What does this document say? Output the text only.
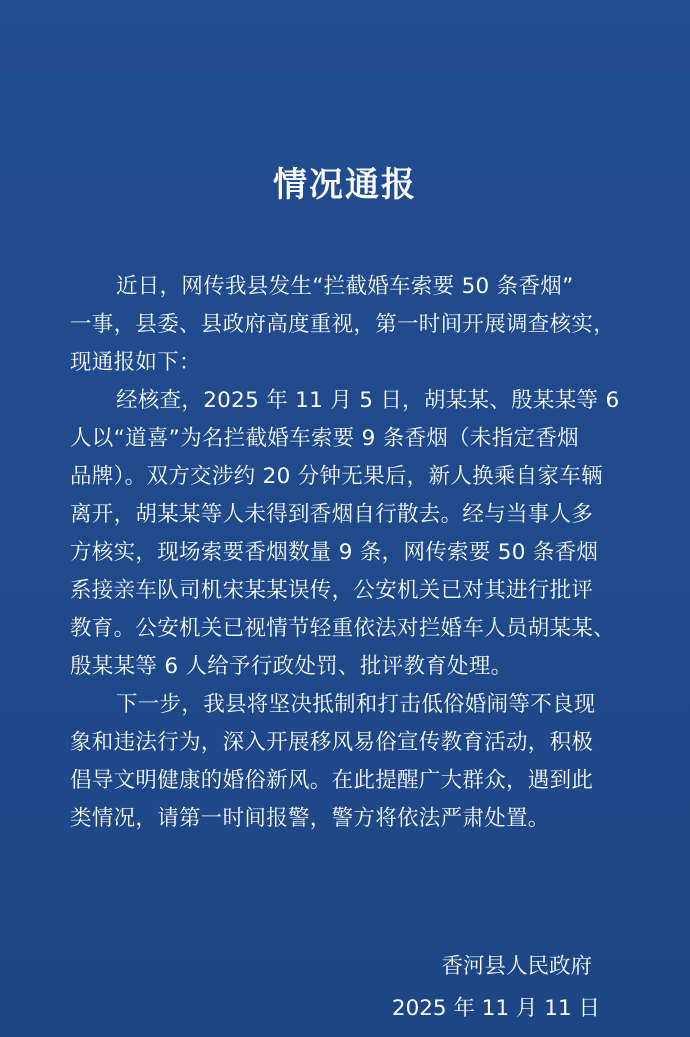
情况通报
近日，网传我县发生“拦截婚车索要 50 条香烟”
一事，县委、县政府高度重视，第一时间开展调查核实，
现通报如下：
经核查，2025 年 11 月 5 日，胡某某、殷某某等 6
人以“道喜”为名拦截婚车索要 9 条香烟（未指定香烟
品牌）。双方交涉约 20 分钟无果后，新人换乘自家车辆
离开，胡某某等人未得到香烟自行散去。经与当事人多
方核实，现场索要香烟数量 9 条，网传索要 50 条香烟
系接亲车队司机宋某某误传，公安机关已对其进行批评
教育。公安机关已视情节轻重依法对拦婚车人员胡某某、
殷某某等 6 人给予行政处罚、批评教育处理。
下一步，我县将坚决抵制和打击低俗婚闹等不良现
象和违法行为，深入开展移风易俗宣传教育活动，积极
倡导文明健康的婚俗新风。在此提醒广大群众，遇到此
类情况，请第一时间报警，警方将依法严肃处置。
香河县人民政府
2025 年 11 月 11 日
